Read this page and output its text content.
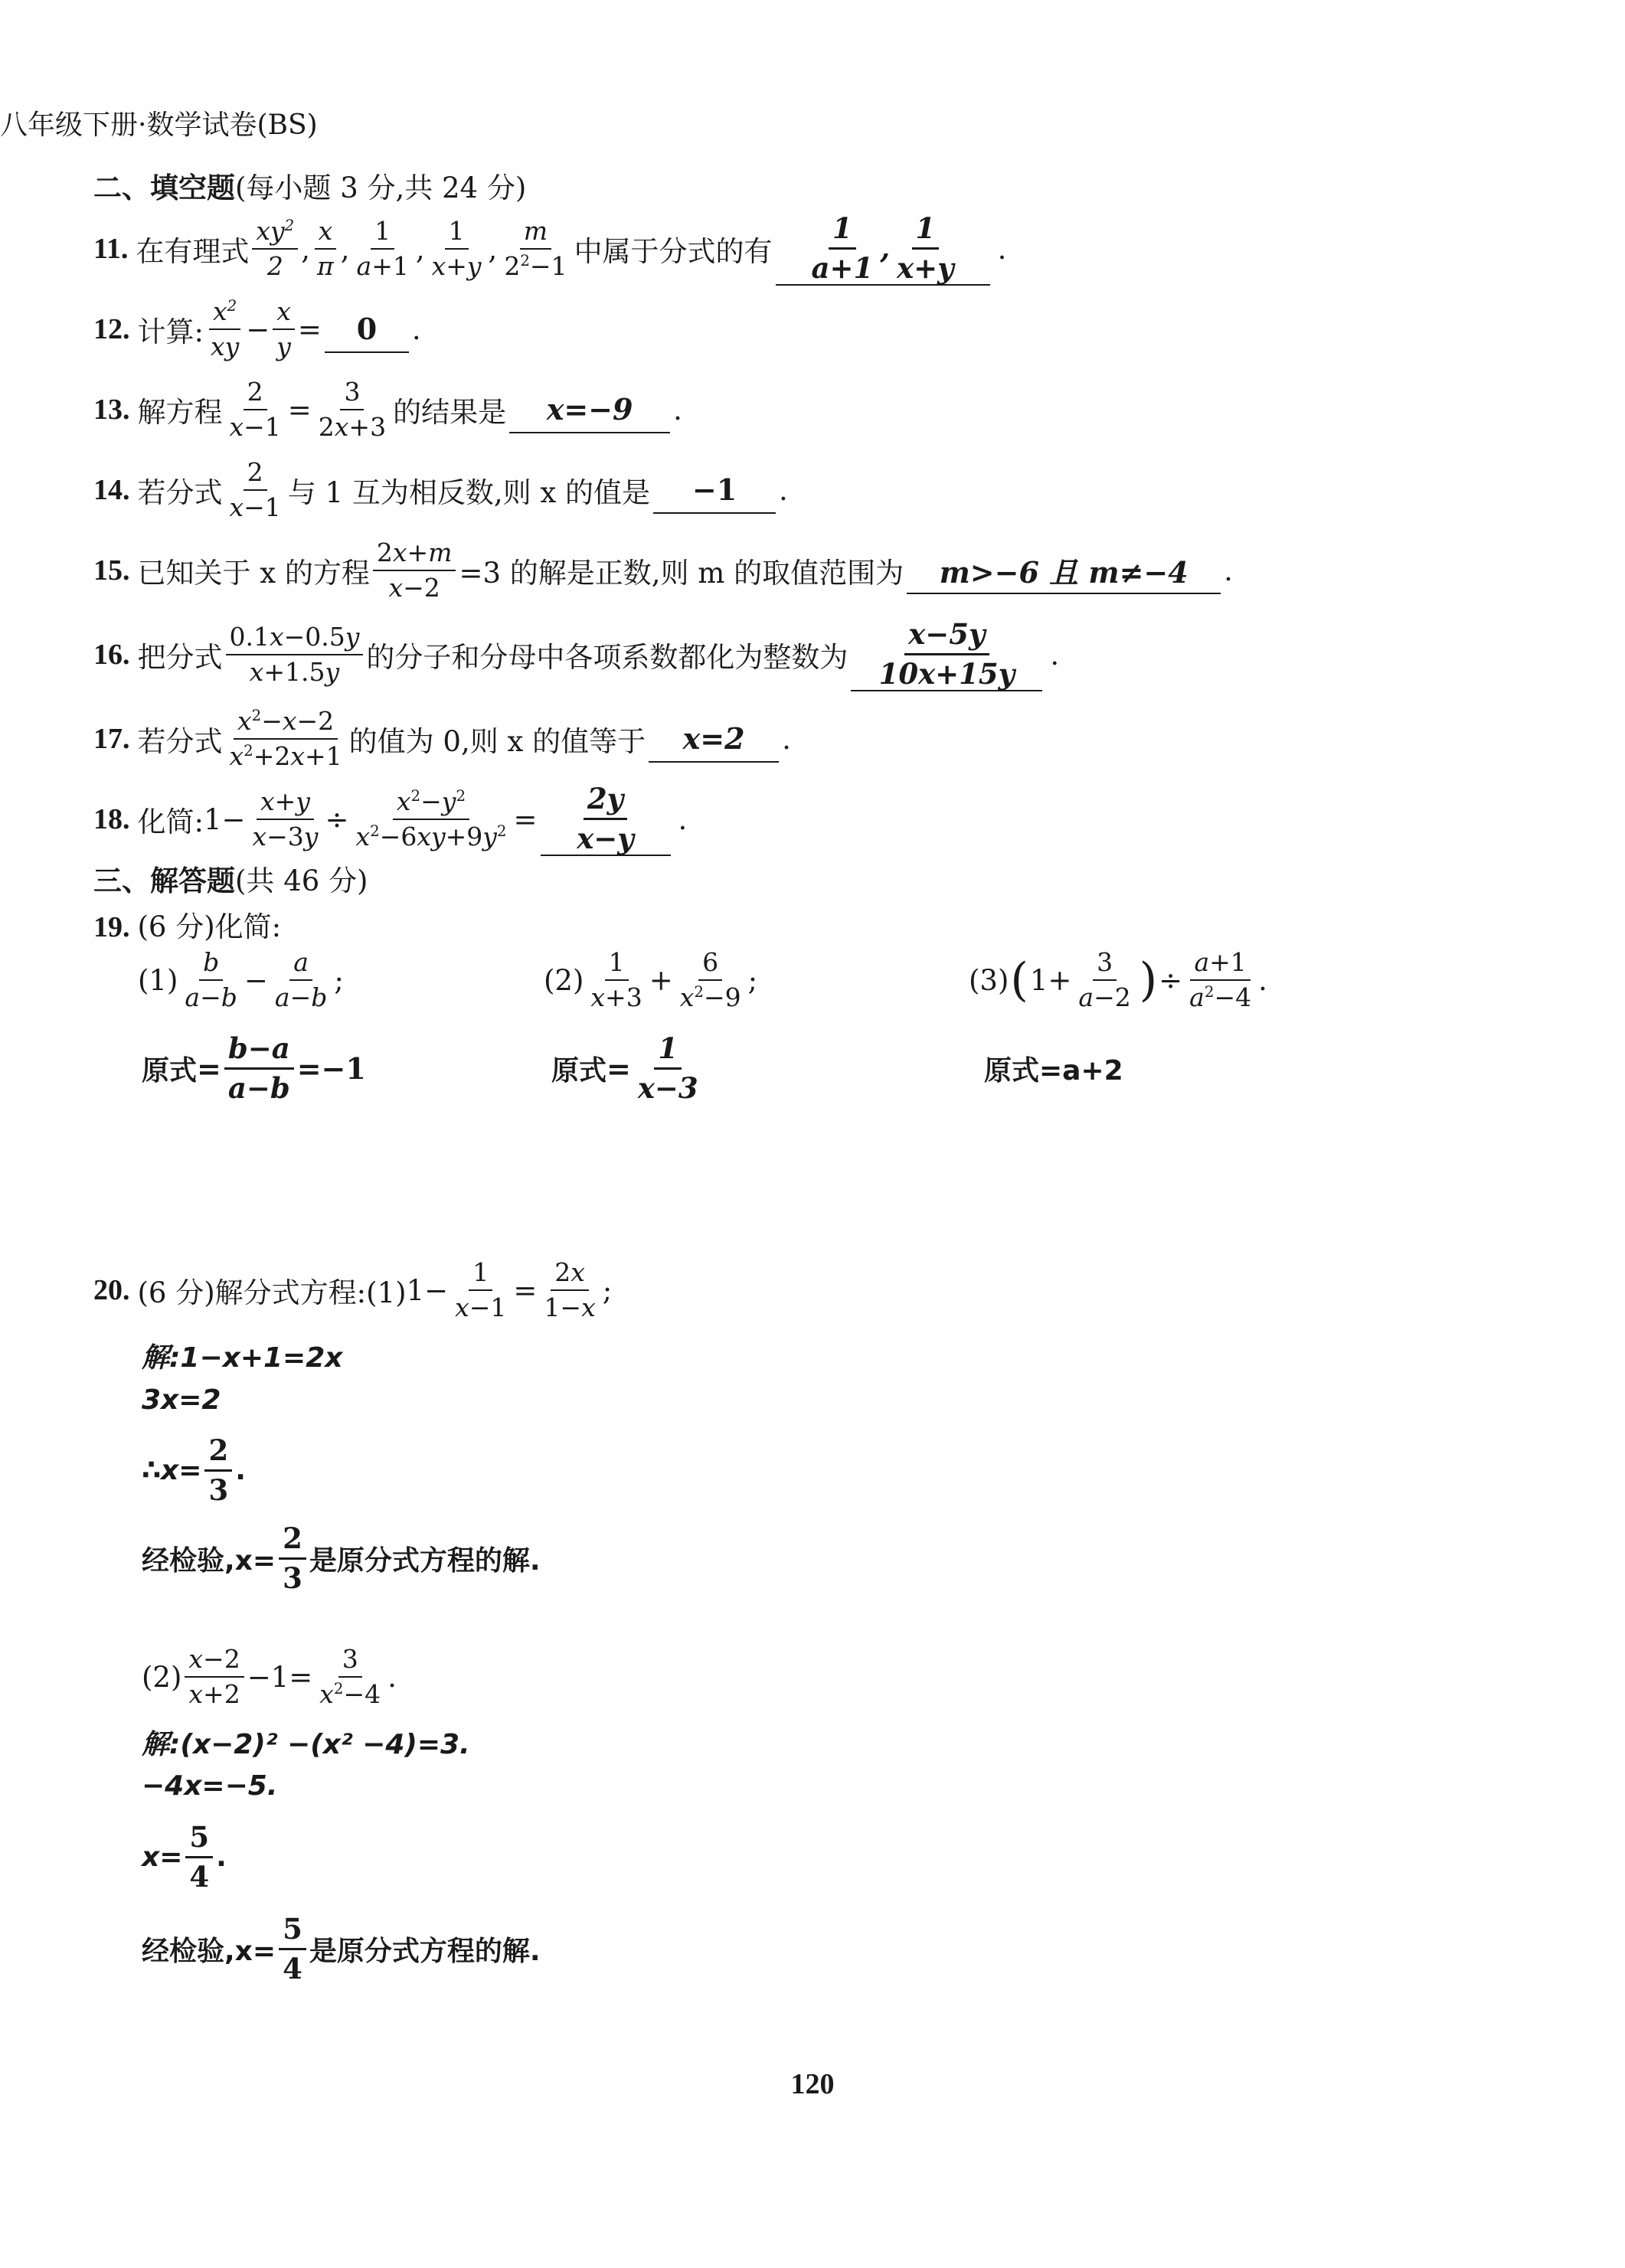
八年级下册·数学试卷(BS)
二、填空题(每小题 3 分,共 24 分)
11. 在有理式 $\frac{xy^2}{2}$ , $\frac{x}{\pi}$ , $\frac{1}{a+1}$ , $\frac{1}{x+y}$ , $\frac{m}{2^2-1}$ 中属于分式的有 $\frac{1}{a+1}$ , $\frac{1}{x+y}$ .
12. 计算: $\frac{x^2}{xy} - \frac{x}{y}$ =	0	.
13. 解方程 $\frac{2}{x-1} = \frac{3}{2x+3}$ 的结果是	x=−9	.
14. 若分式 $\frac{2}{x-1}$ 与 1 互为相反数,则 x 的值是	−1	.
15. 已知关于 x 的方程 $\frac{2x+m}{x-2} =3$ 的解是正数,则 m 的取值范围为	m>−6 且 m≠−4	.
16. 把分式 $\frac{0.1x-0.5y}{x+1.5y}$ 的分子和分母中各项系数都化为整数为 $\frac{x-5y}{10x+15y}$ .
17. 若分式 $\frac{x^2-x-2}{x^2+2x+1}$ 的值为 0,则 x 的值等于	x=2	.
18. 化简: $1- \frac{x+y}{x-3y} \div \frac{x^2-y^2}{x^2-6xy+9y^2} = \frac{2y}{x-y}$ .
三、解答题(共 46 分)
19. (6 分)化简:
$(1) \frac{b}{a-b} - \frac{a}{a-b}$ ;	$(2) \frac{1}{x+3} + \frac{6}{x^2-9}$ ;	(3) ( $1+ \frac{3}{a-2}$ ) ÷ $\frac{a+1}{a^2-4}$ .
原式 = $\frac{b-a}{a-b} =-1$	原式 = $\frac{1}{x-3}$	原式=a+2
20. (6 分)解分式方程:(1) $1- \frac{1}{x-1} = \frac{2x}{1-x}$ ;
解:1−x+1=2x
3x=2
∴x= $\frac{2}{3}$ .
经检验$,x= \frac{2}{3}$ 是原分式方程的解.
$(2) \frac{x-2}{x+2} -1= \frac{3}{x^2-4}$ .
解:(x−2)² −(x² −4)=3.
−4x=−5.
$x= \frac{5}{4}$ .
经检验$,x= \frac{5}{4}$ 是原分式方程的解.
120
